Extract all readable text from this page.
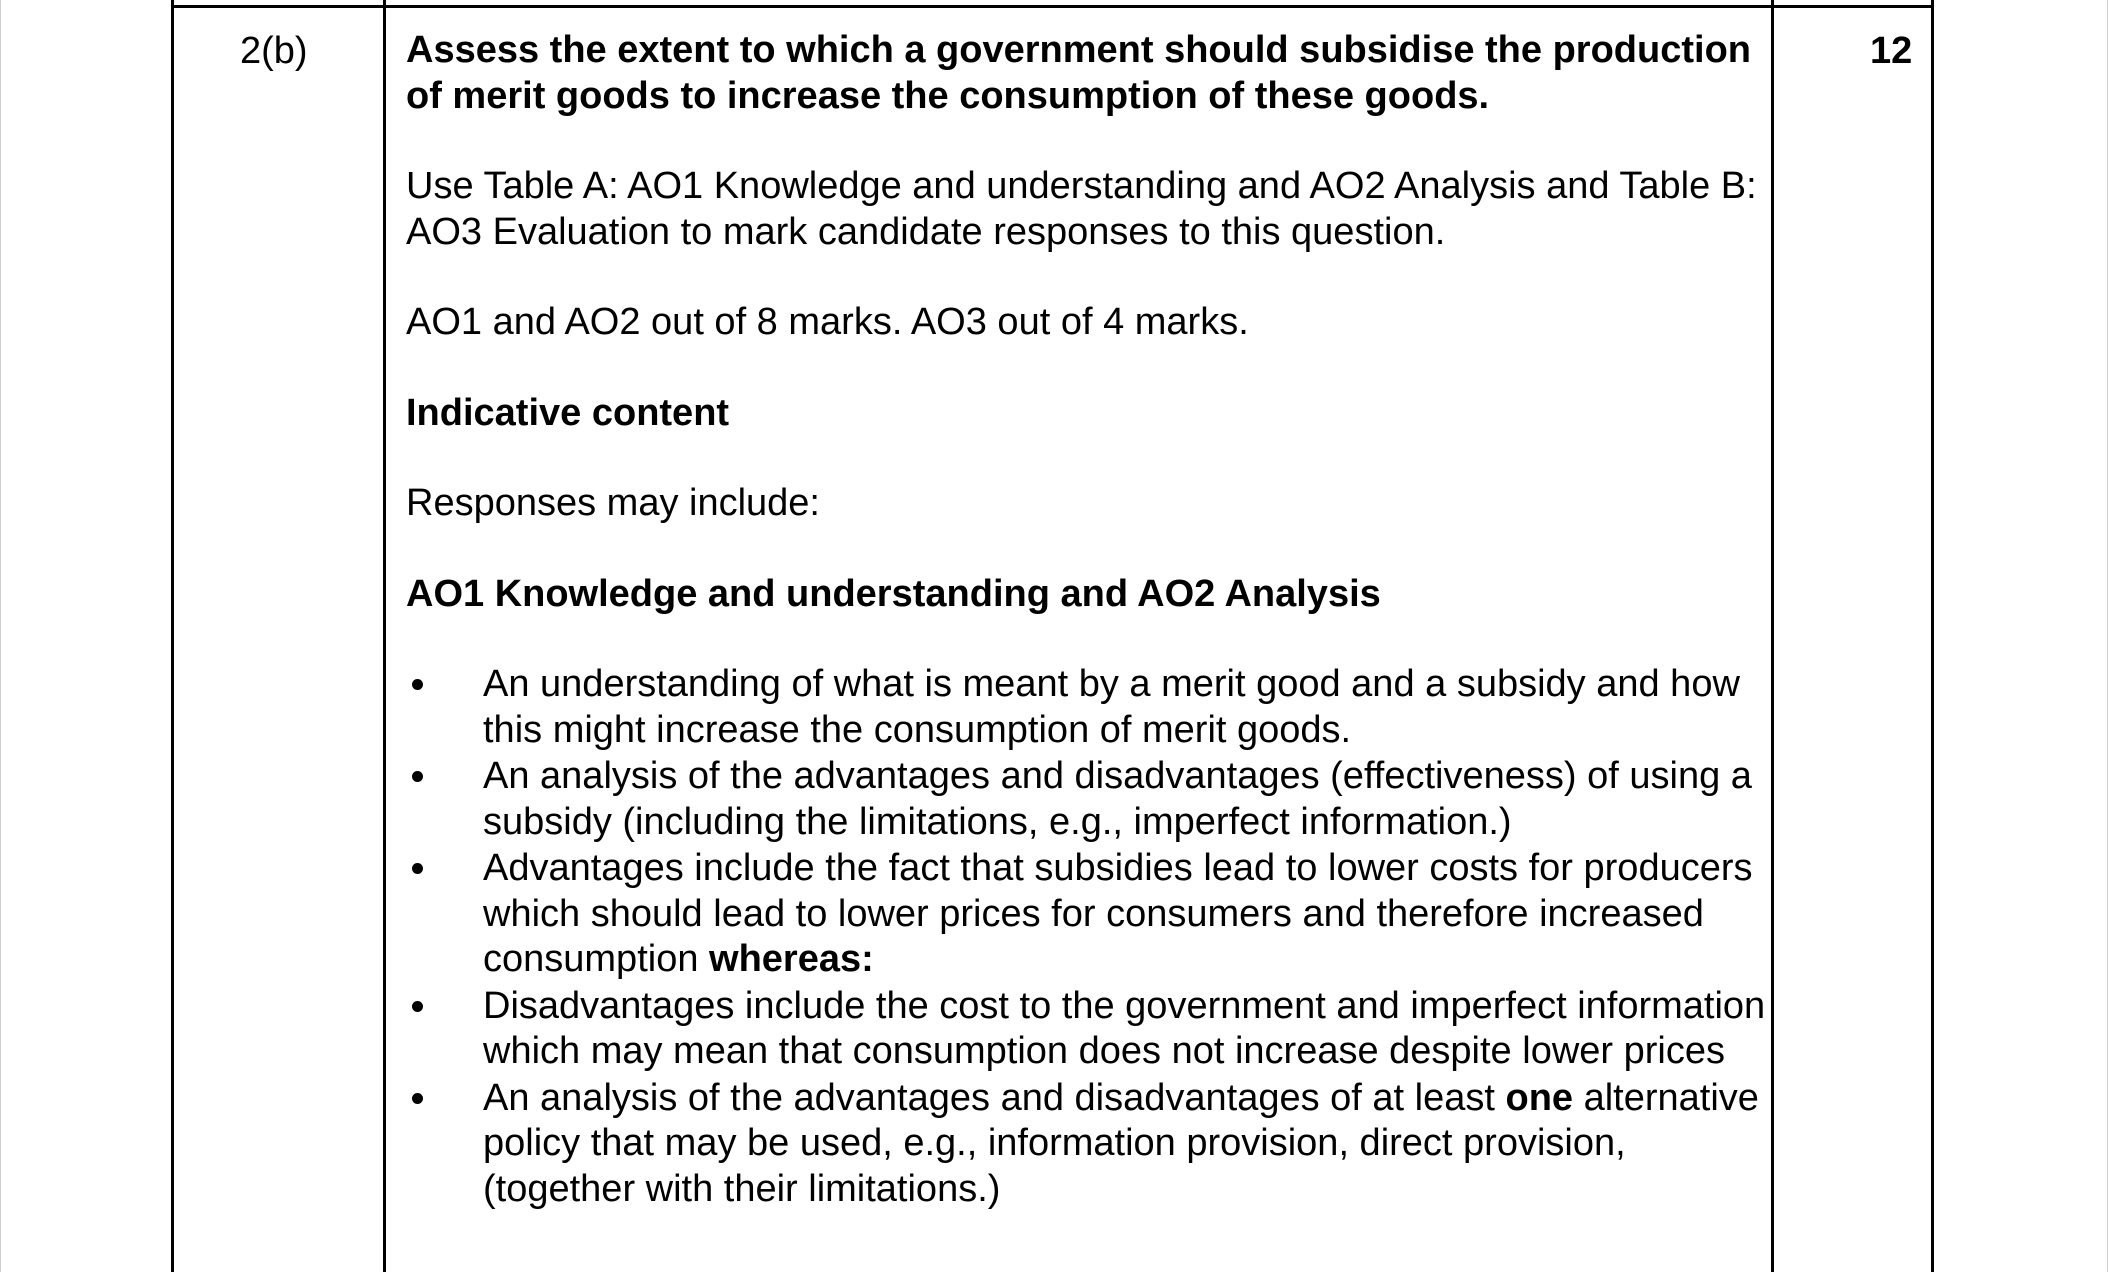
2(b)	12

Assess the extent to which a government should subsidise the production of merit goods to increase the consumption of these goods.

Use Table A: AO1 Knowledge and understanding and AO2 Analysis and Table B: AO3 Evaluation to mark candidate responses to this question.

AO1 and AO2 out of 8 marks. AO3 out of 4 marks.

Indicative content

Responses may include:

AO1 Knowledge and understanding and AO2 Analysis

An understanding of what is meant by a merit good and a subsidy and how this might increase the consumption of merit goods.
An analysis of the advantages and disadvantages (effectiveness) of using a subsidy (including the limitations, e.g., imperfect information.)
Advantages include the fact that subsidies lead to lower costs for producers which should lead to lower prices for consumers and therefore increased consumption whereas:
Disadvantages include the cost to the government and imperfect information which may mean that consumption does not increase despite lower prices
An analysis of the advantages and disadvantages of at least one alternative policy that may be used, e.g., information provision, direct provision, (together with their limitations.)
